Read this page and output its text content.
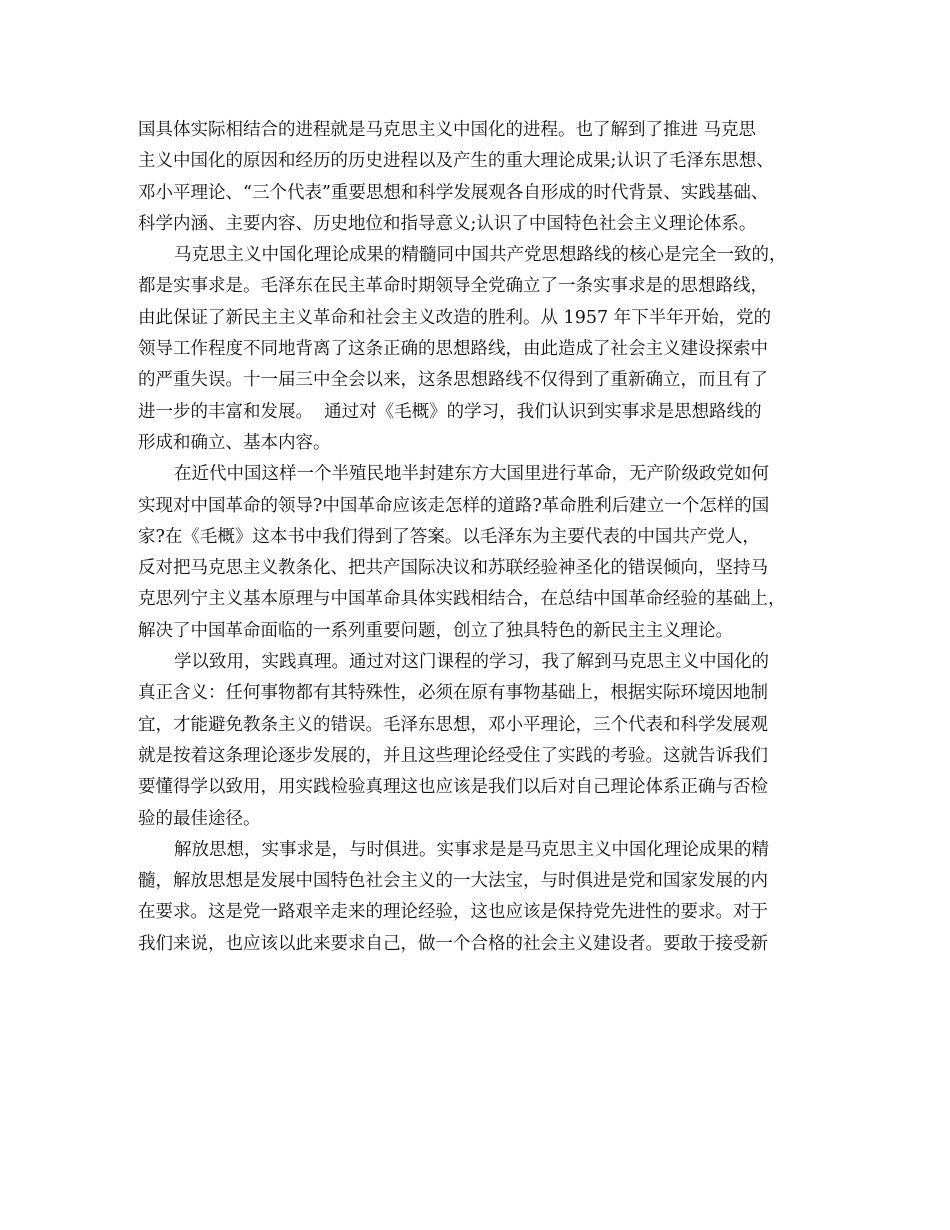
国具体实际相结合的进程就是马克思主义中国化的进程。也了解到了推进 马克思
主义中国化的原因和经历的历史进程以及产生的重大理论成果;认识了毛泽东思想、
邓小平理论、“三个代表”重要思想和科学发展观各自形成的时代背景、实践基础、
科学内涵、主要内容、历史地位和指导意义;认识了中国特色社会主义理论体系。
马克思主义中国化理论成果的精髓同中国共产党思想路线的核心是完全一致的，
都是实事求是。毛泽东在民主革命时期领导全党确立了一条实事求是的思想路线，
由此保证了新民主主义革命和社会主义改造的胜利。从 1957 年下半年开始，党的
领导工作程度不同地背离了这条正确的思想路线，由此造成了社会主义建设探索中
的严重失误。十一届三中全会以来，这条思想路线不仅得到了重新确立，而且有了
进一步的丰富和发展。  通过对《毛概》的学习，我们认识到实事求是思想路线的
形成和确立、基本内容。
在近代中国这样一个半殖民地半封建东方大国里进行革命，无产阶级政党如何
实现对中国革命的领导?中国革命应该走怎样的道路?革命胜利后建立一个怎样的国
家?在《毛概》这本书中我们得到了答案。以毛泽东为主要代表的中国共产党人，
反对把马克思主义教条化、把共产国际决议和苏联经验神圣化的错误倾向，坚持马
克思列宁主义基本原理与中国革命具体实践相结合，在总结中国革命经验的基础上，
解决了中国革命面临的一系列重要问题，创立了独具特色的新民主主义理论。
学以致用，实践真理。通过对这门课程的学习，我了解到马克思主义中国化的
真正含义：任何事物都有其特殊性，必须在原有事物基础上，根据实际环境因地制
宜，才能避免教条主义的错误。毛泽东思想，邓小平理论，三个代表和科学发展观
就是按着这条理论逐步发展的，并且这些理论经受住了实践的考验。这就告诉我们
要懂得学以致用，用实践检验真理这也应该是我们以后对自己理论体系正确与否检
验的最佳途径。
解放思想，实事求是，与时俱进。实事求是是马克思主义中国化理论成果的精
髓，解放思想是发展中国特色社会主义的一大法宝，与时俱进是党和国家发展的内
在要求。这是党一路艰辛走来的理论经验，这也应该是保持党先进性的要求。对于
我们来说，也应该以此来要求自己，做一个合格的社会主义建设者。要敢于接受新
